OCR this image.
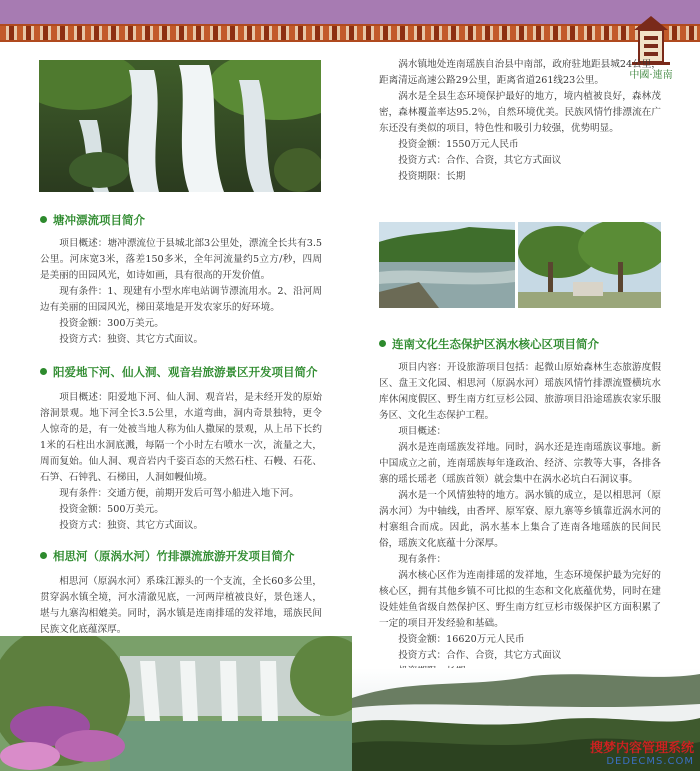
中國·連南
塘冲漂流项目简介

项目概述：塘冲漂流位于县城北部3公里处，漂流全长共有3.5公里。河床宽3米，落差150多米，全年河流量约5立方/秒，四周是美丽的田园风光，如诗如画，具有很高的开发价值。

现有条件：1、现建有小型水库电站调节漂流用水。2、沿河周边有美丽的田园风光，梯田菜地是开发农家乐的好环境。

投资金额：300万美元。

投资方式：独资、其它方式面议。

阳爱地下河、仙人洞、观音岩旅游景区开发项目简介

项目概述：阳爱地下河、仙人洞、观音岩，是未经开发的原始溶洞景观。地下河全长3.5公里，水道弯曲，洞内奇景独特，更令人惊奇的是，有一处被当地人称为仙人撒屎的景观，从上吊下长约1米的石柱出水洞底溅，每隔一个小时左右喷水一次，流量之大，周而复始。仙人洞、观音岩内千姿百态的天然石柱、石幔、石花、石笋、石钟乳、石梯田，人洞如幔仙境。

现有条件：交通方便，前期开发后可驾小船进入地下河。

投资金额：500万美元。

投资方式：独资、其它方式面议。

相思河（原涡水河）竹排漂流旅游开发项目简介

相思河（原涡水河）系珠江源头的一个支流，全长60多公里，贯穿涡水镇全境，河水清澈见底，一河两岸植被良好，景色迷人，堪与九寨沟相媲美。同时，涡水镇是连南排瑶的发祥地，瑶族民间民族文化底蕴深厚。

涡水镇地处连南瑶族自治县中南部，政府驻地距县城24公里，距离清远高速公路29公里，距离省道261线23公里。

涡水是全县生态环境保护最好的地方，境内植被良好，森林茂密，森林覆盖率达95.2％，自然环境优美。民族风情竹排漂流在广东还没有类似的项目，特色性和吸引力较强，优势明显。

投资金额：1550万元人民币

投资方式：合作、合资，其它方式面议

投资期限：长期

连南文化生态保护区涡水核心区项目简介

项目内容：开设旅游项目包括：起微山原始森林生态旅游度假区、盘王文化园、相思河（原涡水河）瑶族风情竹排漂流暨横坑水库休闲度假区、野生南方红豆杉公园、旅游项目沿途瑶族农家乐服务区、文化生态保护工程。

项目概述：

涡水是连南瑶族发祥地。同时，涡水还是连南瑶族议事地。新中国成立之前，连南瑶族每年逢政治、经济、宗教等大事，各排各寨的瑶长瑶老（瑶族首领）就会集中在涡水必坑白石洞议事。

涡水是一个风情独特的地方。涡水镇的成立，是以相思河（原涡水河）为中轴线，由香坪、原军寮、原九寨等乡镇靠近涡水河的村寨组合而成。因此，涡水基本上集合了连南各地瑶族的民间民俗，瑶族文化底蕴十分深厚。

现有条件：

涡水核心区作为连南排瑶的发祥地，生态环境保护最为完好的核心区，拥有其他乡镇不可比拟的生态和文化底蕴优势，同时在建设娃娃鱼省级自然保护区、野生南方红豆杉市级保护区方面积累了一定的项目开发经验和基础。

投资金额：16620万元人民币

投资方式：合作、合资，其它方式面议

搜梦内容管理系统
DEDECMS.COM
